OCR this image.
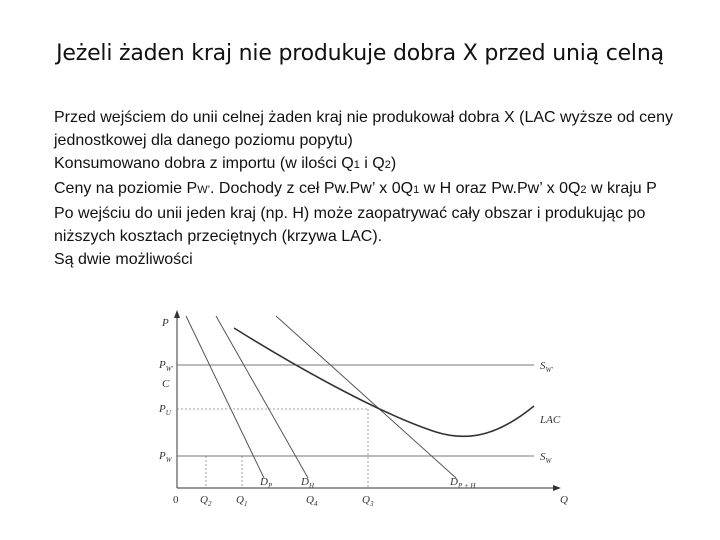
Jeżeli żaden kraj nie produkuje dobra X przed unią celną

Przed wejściem do unii celnej żaden kraj nie produkował dobra X (LAC wyższe od ceny jednostkowej dla danego poziomu popytu)

Konsumowano dobra z importu (w ilości Q1 i Q2)

Ceny na poziomie PW’. Dochody z ceł Pw.Pw’ x 0Q1 w H oraz Pw.Pw’ x 0Q2 w kraju P

Po wejściu do unii jeden kraj (np. H) może zaopatrywać cały obszar i produkując po niższych kosztach przeciętnych (krzywa LAC).

Są dwie możliwości

P
$P_{W'}$
C
$P_U$
$P_W$
0 $Q_2$ $Q_1$	$Q_4$	$Q_3$	Q
$S_{W'}$
LAC
$S_W$
$D_P$	$D_H$	$D_{P + H}$
